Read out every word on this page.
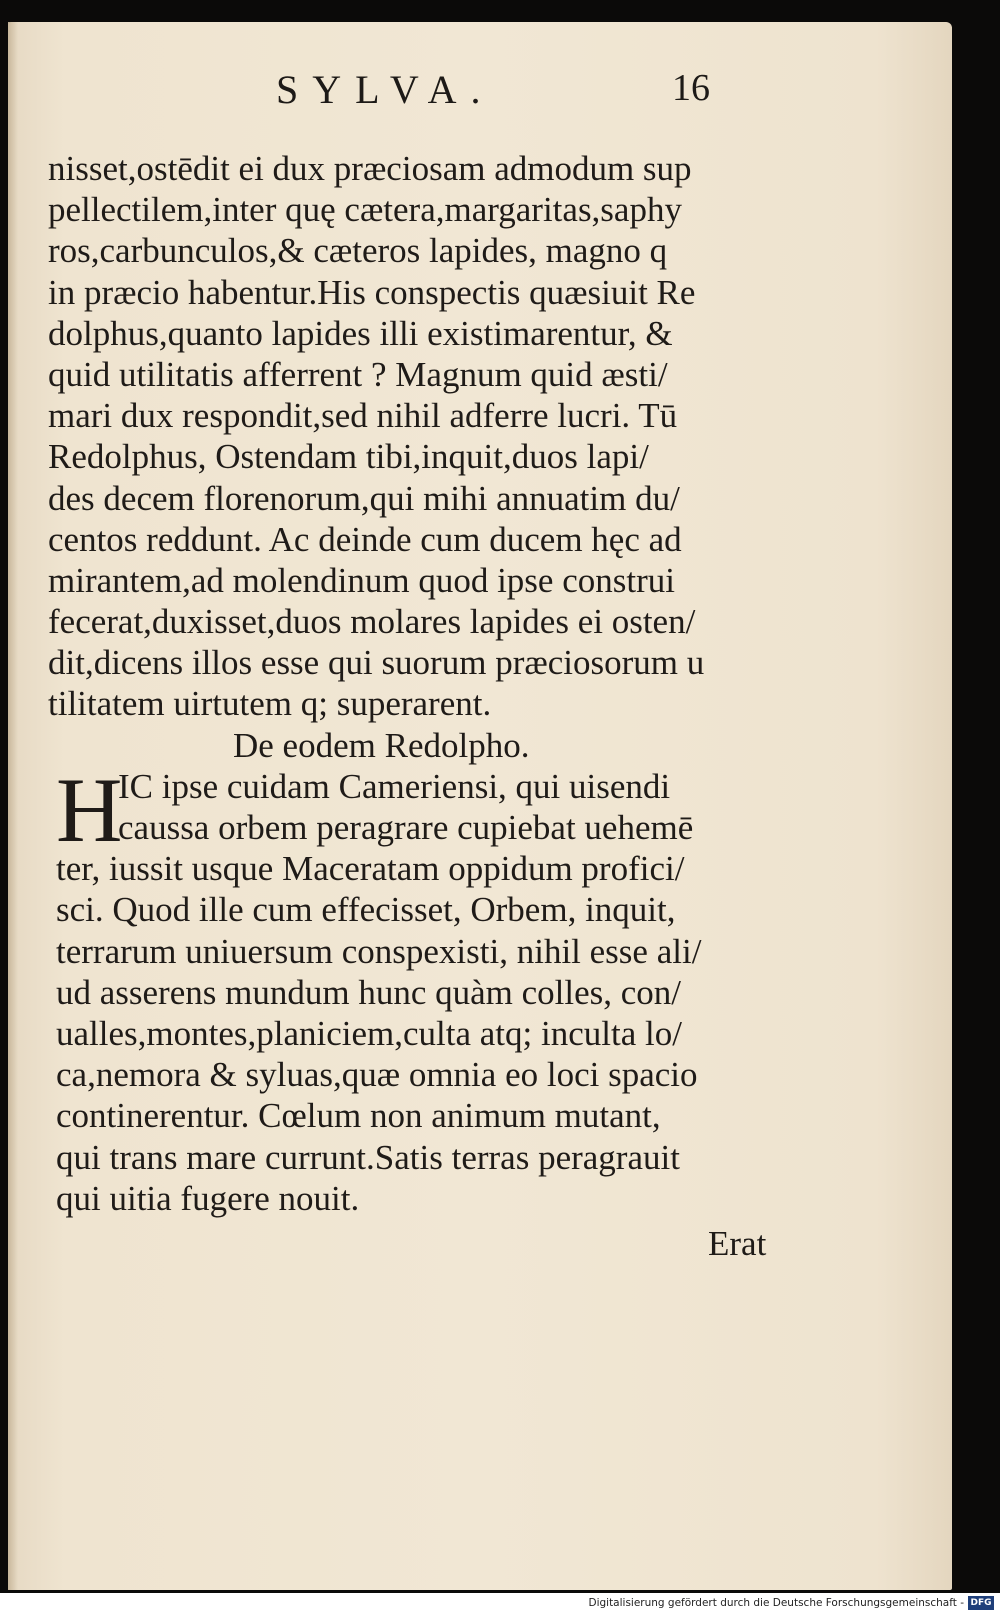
SYLVA.	16
nisset,ostēdit ei dux præciosam admodum sup
pellectilem,inter quę cætera,margaritas,saphy
ros,carbunculos,& cæteros lapides, magno q
in præcio habentur.His conspectis quæsiuit Re
dolphus,quanto lapides illi existimarentur, &
quid utilitatis afferrent ? Magnum quid æsti/
mari dux respondit,sed nihil adferre lucri. Tū
Redolphus, Ostendam tibi,inquit,duos lapi/
des decem florenorum,qui mihi annuatim du/
centos reddunt. Ac deinde cum ducem hęc ad
mirantem,ad molendinum quod ipse construi
fecerat,duxisset,duos molares lapides ei osten/
dit,dicens illos esse qui suorum præciosorum u
tilitatem uirtutem q; superarent.
De eodem Redolpho.
H
IC ipse cuidam Cameriensi, qui uisendi
caussa orbem peragrare cupiebat uehemē
ter, iussit usque Maceratam oppidum profici/
sci. Quod ille cum effecisset, Orbem, inquit,
terrarum uniuersum conspexisti, nihil esse ali/
ud asserens mundum hunc quàm colles, con/
ualles,montes,planiciem,culta atq; inculta lo/
ca,nemora & syluas,quæ omnia eo loci spacio
continerentur. Cœlum non animum mutant,
qui trans mare currunt.Satis terras peragrauit
qui uitia fugere nouit.
Erat
Digitalisierung gefördert durch die Deutsche Forschungsgemeinschaft - DFG
